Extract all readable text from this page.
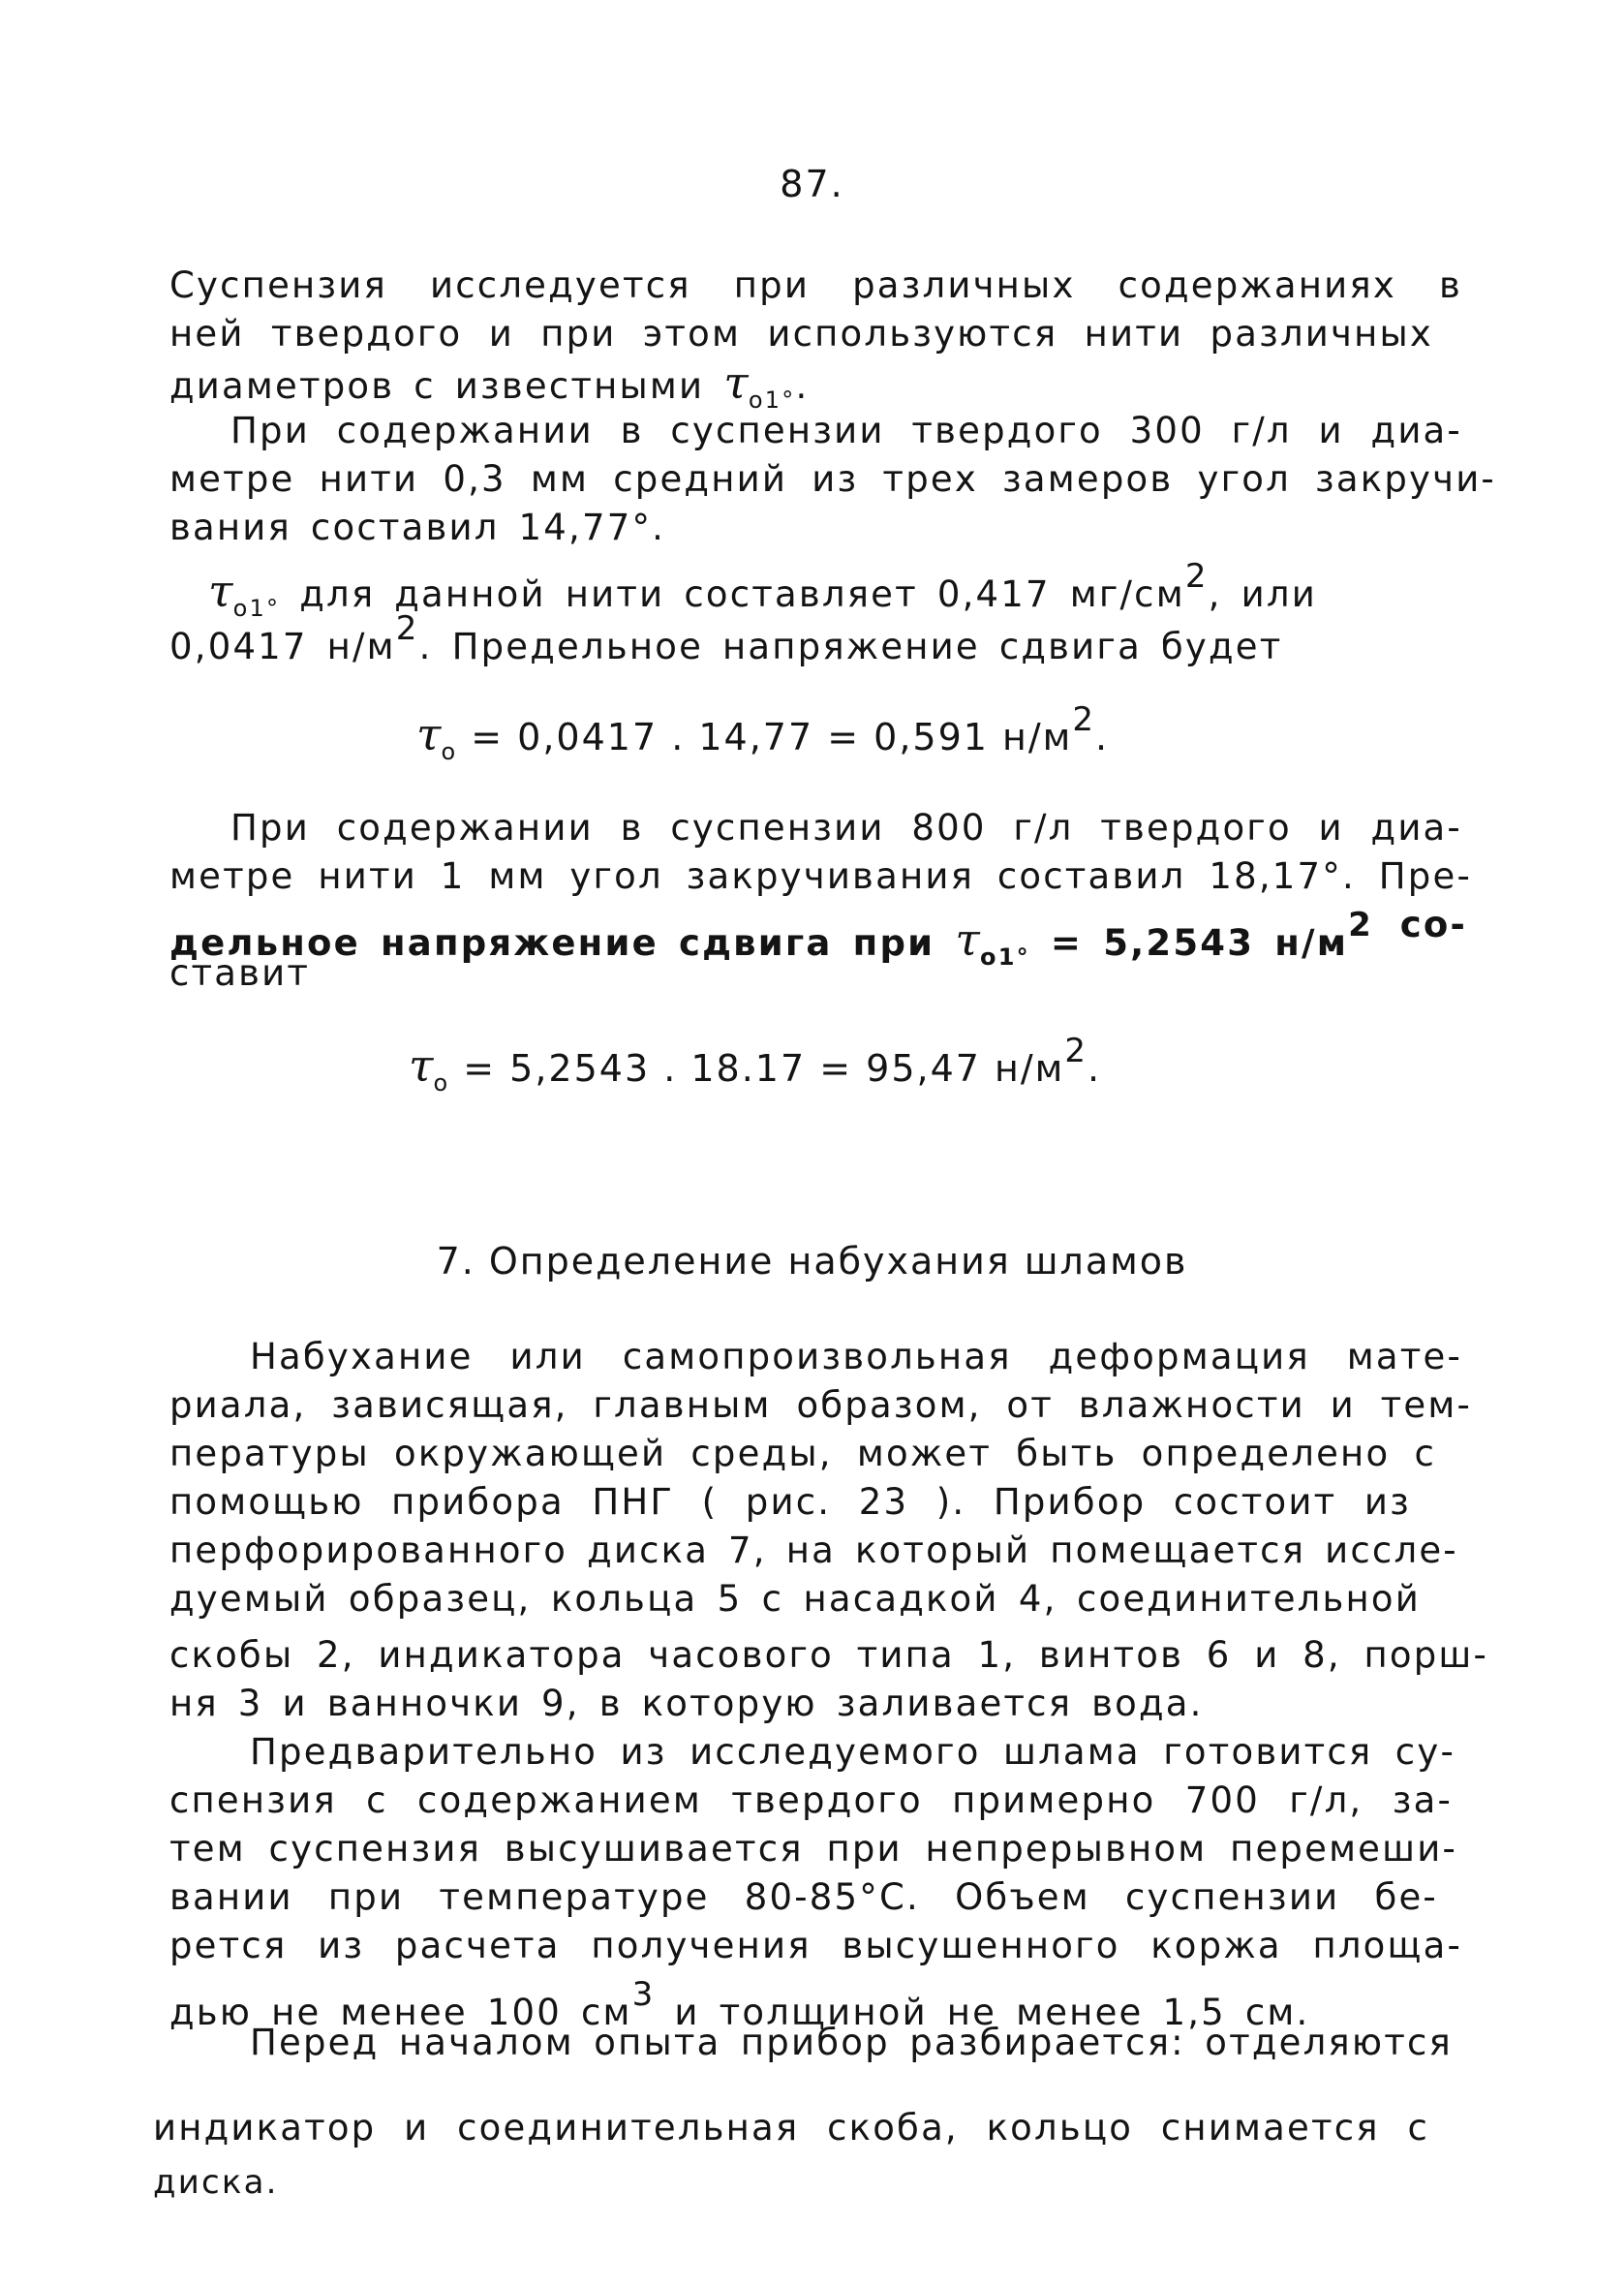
87.
Суспензия исследуется при различных содержаниях в
ней твердого и при этом используются нити различных
диаметров с известными $\tau_{o1^\circ}$.
При содержании в суспензии твердого 300 г/л и диа-
метре нити 0,3 мм средний из трех замеров угол закручи-
вания составил 14,77°.
$\tau_{o1^\circ}$ для данной нити составляет 0,417 мг/см2, или
0,0417 н/м2. Предельное напряжение сдвига будет
$\tau_o = 0,0417$ . 14,77 = 0,591 н/м2.
При содержании в суспензии 800 г/л твердого и диа-
метре нити 1 мм угол закручивания составил 18,17°. Пре-
дельное напряжение сдвига при $\tau_{o1^\circ} = 5,2543$ н/м2 со-
ставит
$\tau_o = 5,2543$ . 18.17 = 95,47 н/м2.
7. Определение набухания шламов
Набухание или самопроизвольная деформация мате-
риала, зависящая, главным образом, от влажности и тем-
пературы окружающей среды, может быть определено с
помощью прибора ПНГ ( рис. 23 ). Прибор состоит из
перфорированного диска 7, на который помещается иссле-
дуемый образец, кольца 5 с насадкой 4, соединительной
скобы 2, индикатора часового типа 1, винтов 6 и 8, порш-
ня 3 и ванночки 9, в которую заливается вода.
Предварительно из исследуемого шлама готовится су-
спензия с содержанием твердого примерно 700 г/л, за-
тем суспензия высушивается при непрерывном перемеши-
вании при температуре 80-85°С. Объем суспензии бе-
рется из расчета получения высушенного коржа площа-
дью не менее 100 см3 и толщиной не менее 1,5 см.
Перед началом опыта прибор разбирается: отделяются
индикатор и соединительная скоба, кольцо снимается с
диска.
